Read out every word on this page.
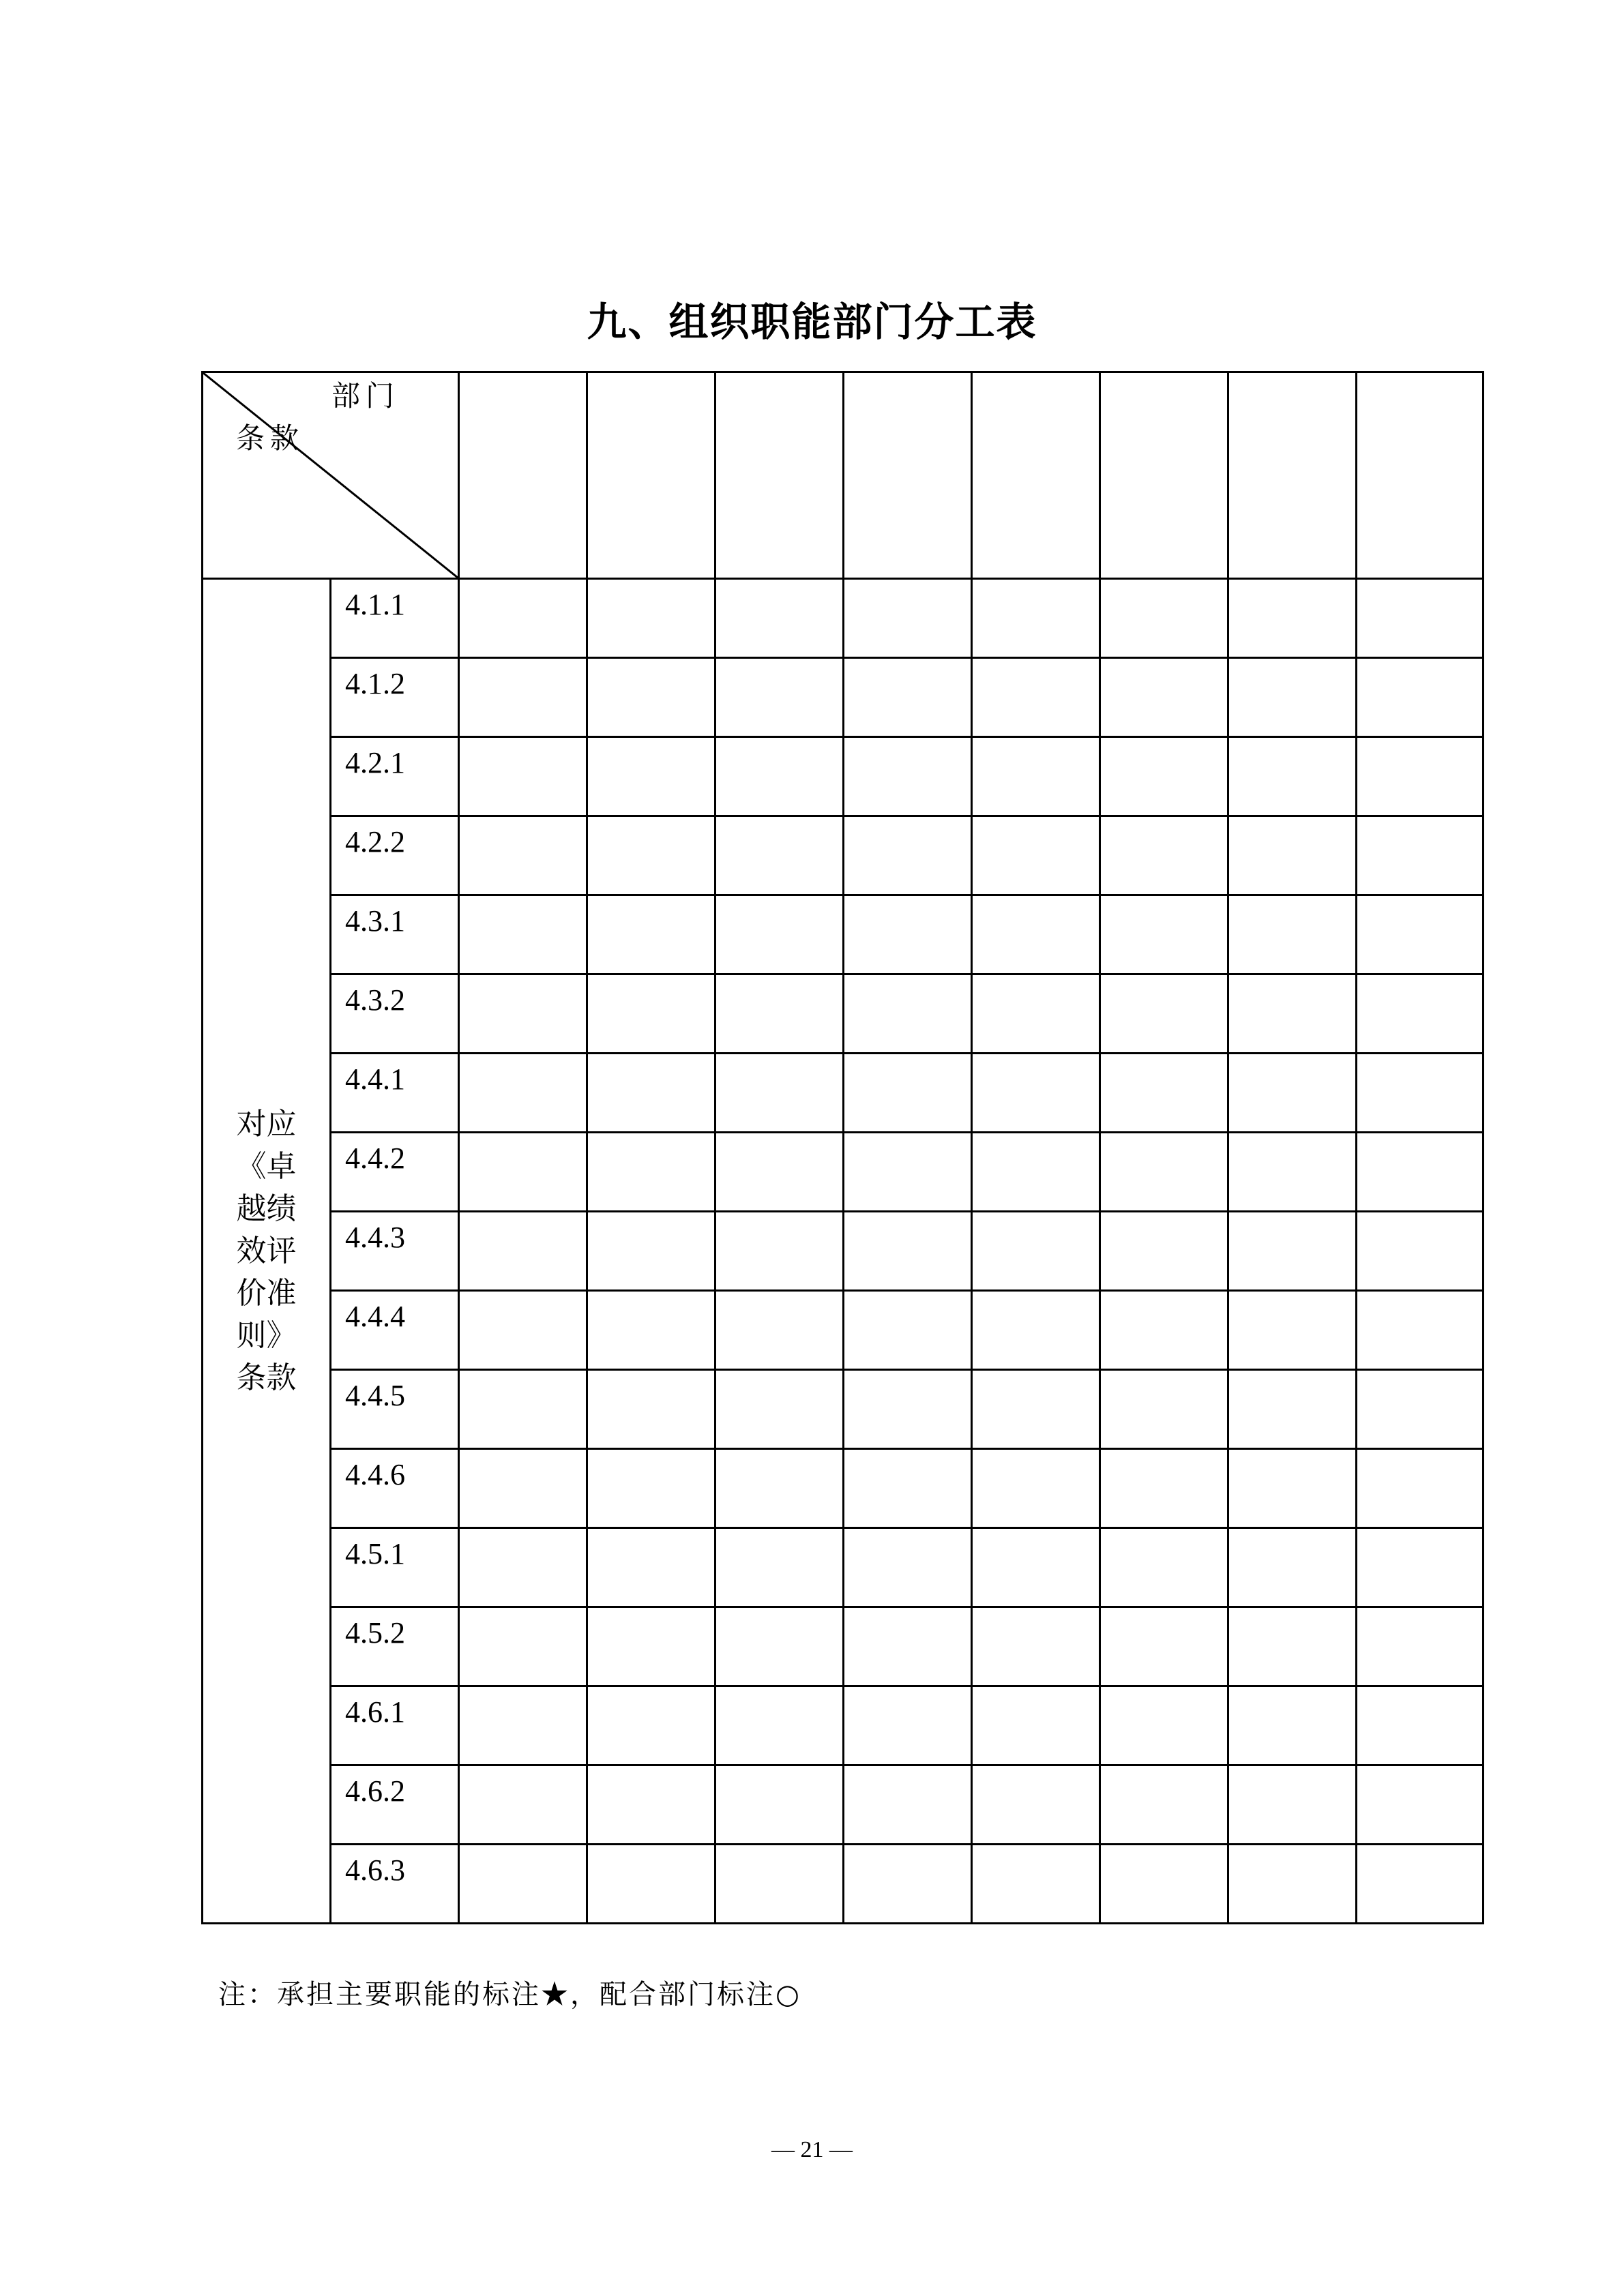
九、组织职能部门分工表
部门
条款									

对应《卓越绩效评价准则》条款	4.1.1								

	4.1.2								

	4.2.1								

	4.2.2								

	4.3.1								

	4.3.2								

	4.4.1								

	4.4.2								

	4.4.3								

	4.4.4								

	4.4.5								

	4.4.6								

	4.5.1								

	4.5.2								

	4.6.1								

	4.6.2								

	4.6.3								

注：承担主要职能的标注★，配合部门标注○
— 21 —
